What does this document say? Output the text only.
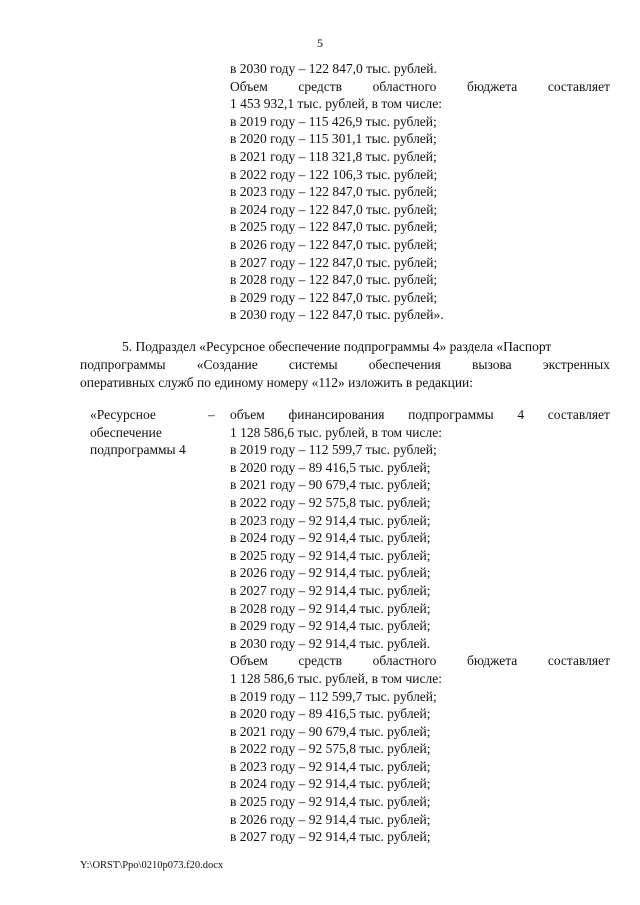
5
в 2030 году – 122 847,0 тыс. рублей.
Объем средств областного бюджета составляет
1 453 932,1 тыс. рублей, в том числе:
в 2019 году – 115 426,9 тыс. рублей;
в 2020 году – 115 301,1 тыс. рублей;
в 2021 году – 118 321,8 тыс. рублей;
в 2022 году – 122 106,3 тыс. рублей;
в 2023 году – 122 847,0 тыс. рублей;
в 2024 году – 122 847,0 тыс. рублей;
в 2025 году – 122 847,0 тыс. рублей;
в 2026 году – 122 847,0 тыс. рублей;
в 2027 году – 122 847,0 тыс. рублей;
в 2028 году – 122 847,0 тыс. рублей;
в 2029 году – 122 847,0 тыс. рублей;
в 2030 году – 122 847,0 тыс. рублей».
5. Подраздел «Ресурсное обеспечение подпрограммы 4» раздела «Паспорт
подпрограммы «Создание системы обеспечения вызова экстренных
оперативных служб по единому номеру «112» изложить в редакции:
«Ресурсное
обеспечение
подпрограммы 4
– объем финансирования подпрограммы 4 составляет
1 128 586,6 тыс. рублей, в том числе:
в 2019 году – 112 599,7 тыс. рублей;
в 2020 году – 89 416,5 тыс. рублей;
в 2021 году – 90 679,4 тыс. рублей;
в 2022 году – 92 575,8 тыс. рублей;
в 2023 году – 92 914,4 тыс. рублей;
в 2024 году – 92 914,4 тыс. рублей;
в 2025 году – 92 914,4 тыс. рублей;
в 2026 году – 92 914,4 тыс. рублей;
в 2027 году – 92 914,4 тыс. рублей;
в 2028 году – 92 914,4 тыс. рублей;
в 2029 году – 92 914,4 тыс. рублей;
в 2030 году – 92 914,4 тыс. рублей.
Объем средств областного бюджета составляет
1 128 586,6 тыс. рублей, в том числе:
в 2019 году – 112 599,7 тыс. рублей;
в 2020 году – 89 416,5 тыс. рублей;
в 2021 году – 90 679,4 тыс. рублей;
в 2022 году – 92 575,8 тыс. рублей;
в 2023 году – 92 914,4 тыс. рублей;
в 2024 году – 92 914,4 тыс. рублей;
в 2025 году – 92 914,4 тыс. рублей;
в 2026 году – 92 914,4 тыс. рублей;
в 2027 году – 92 914,4 тыс. рублей;
Y:\ORST\Ppo\0210p073.f20.docx
